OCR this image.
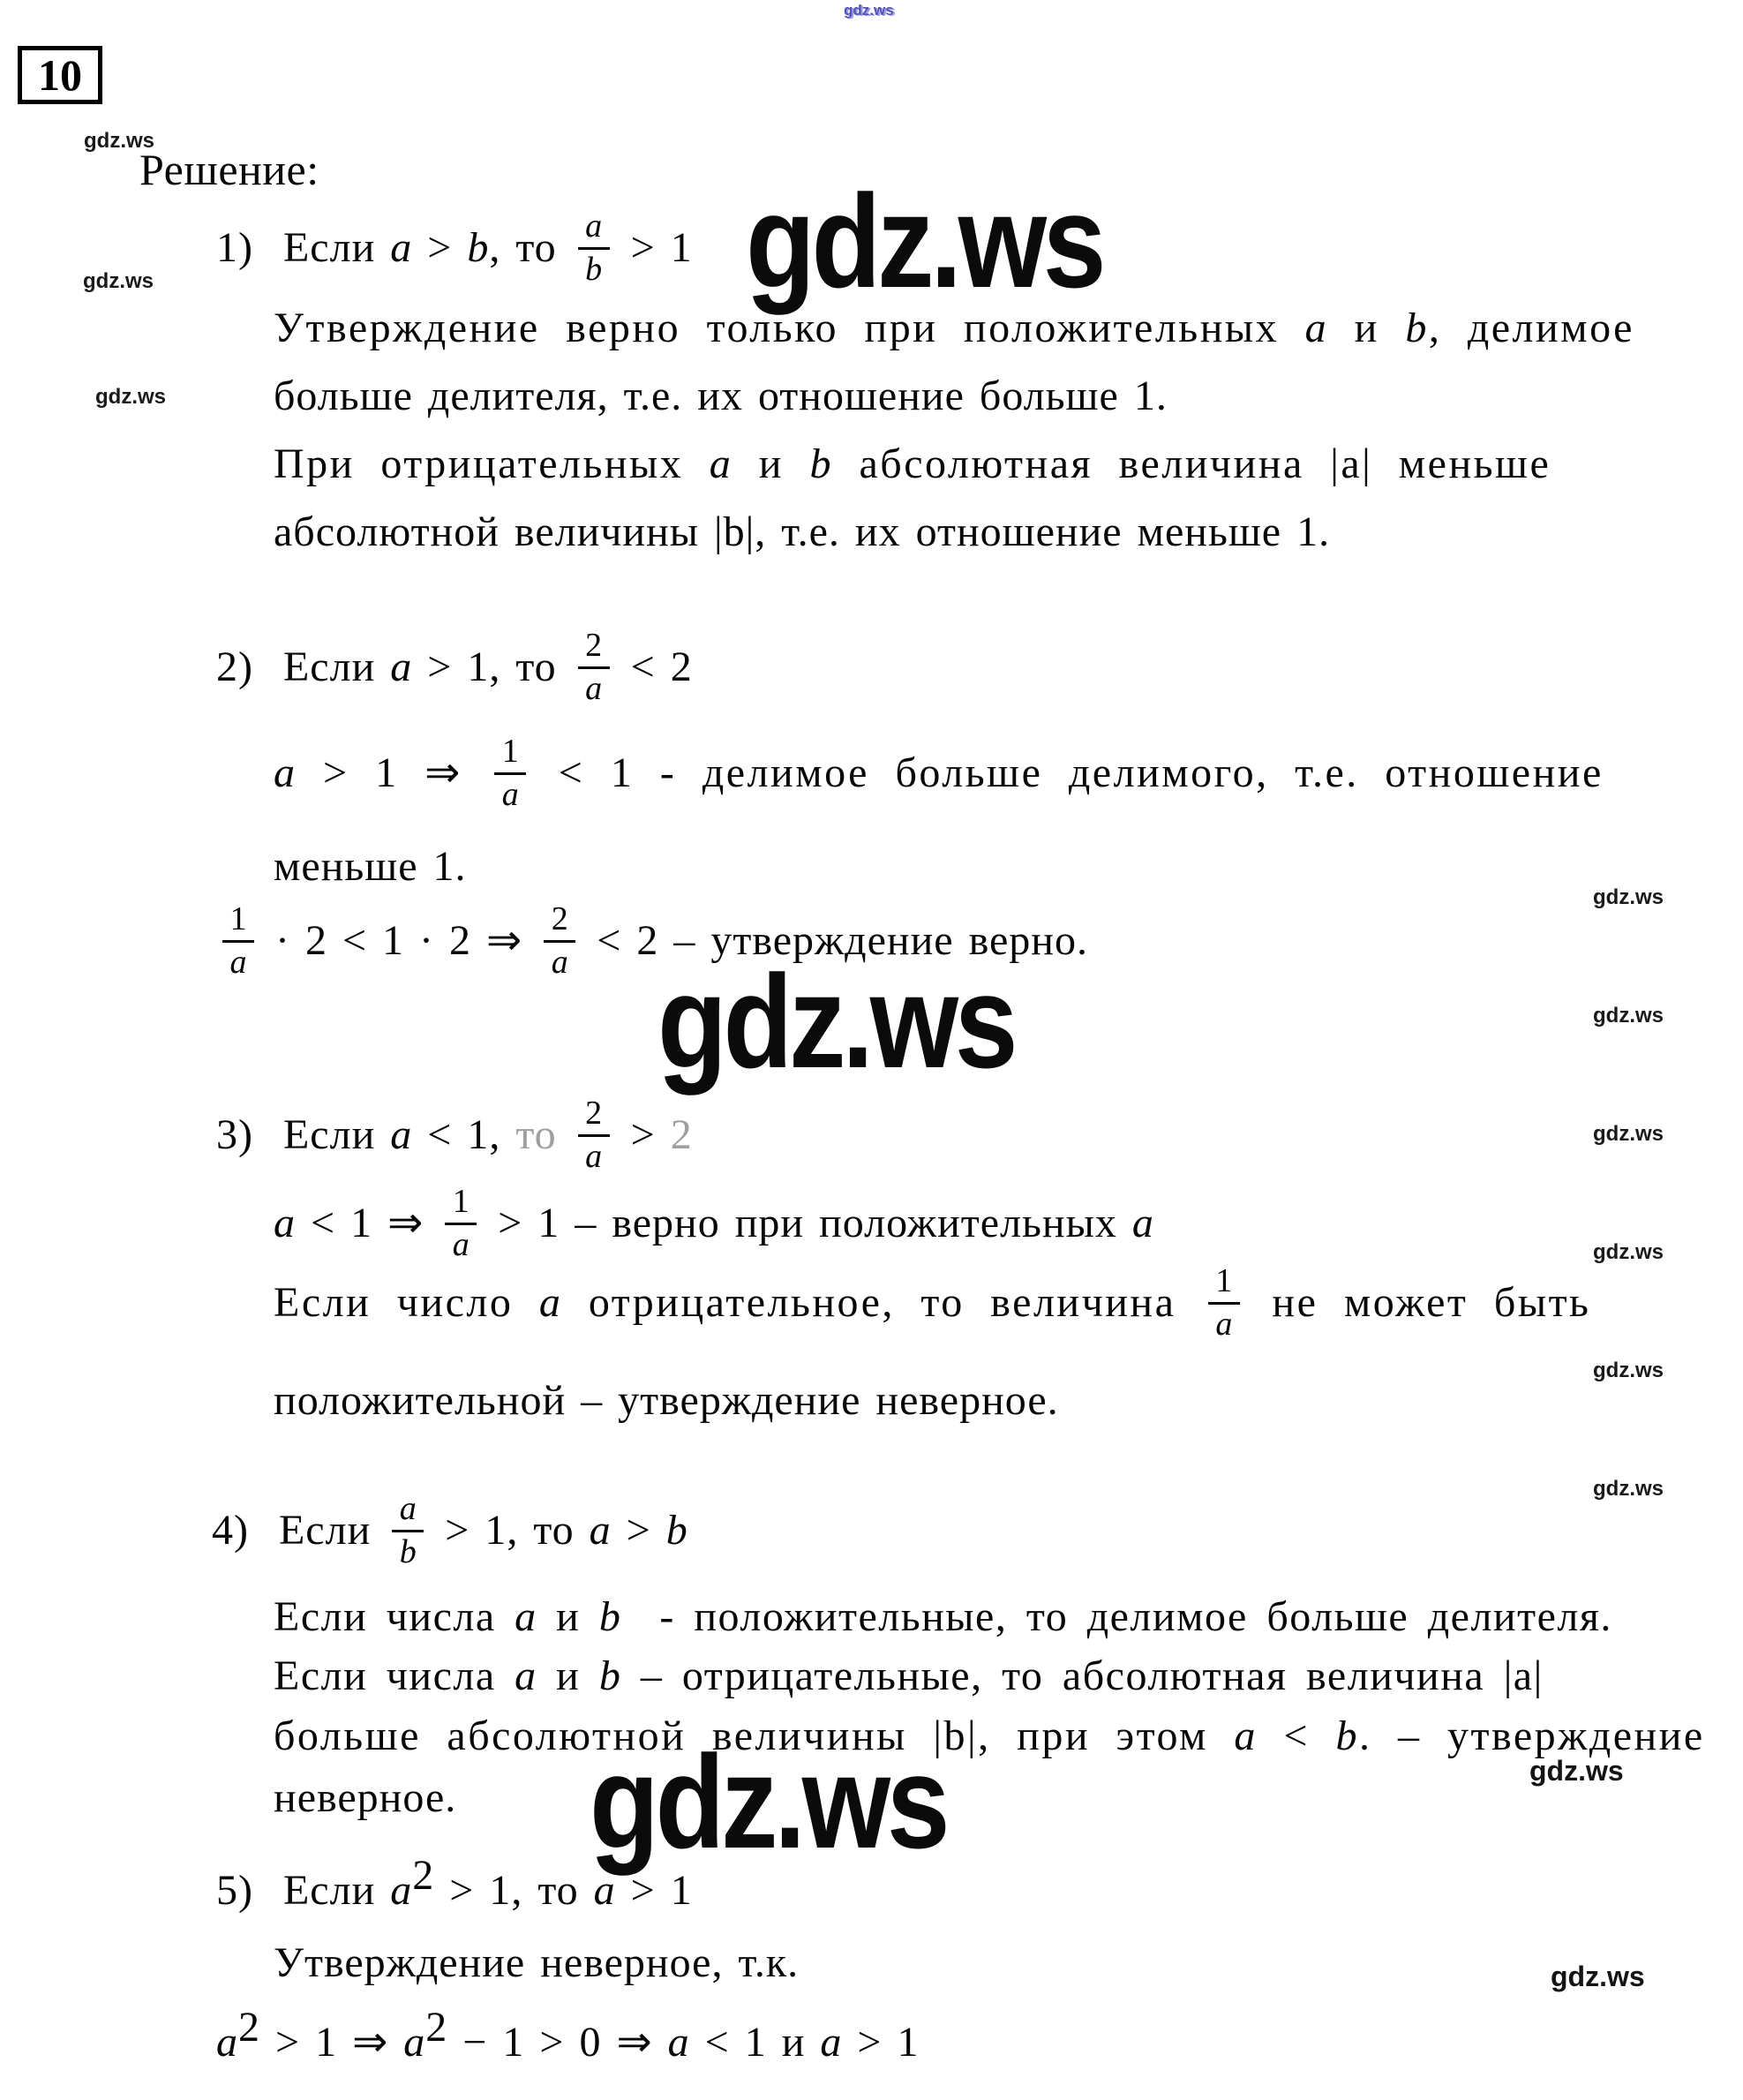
10
Решение:
1) Если a > b , то $\frac{a}{b} > 1$
Утверждение верно только при положительных a и b , делимое
больше делителя, т.е. их отношение больше 1.
При отрицательных a и b абсолютная величина |a| меньше
абсолютной величины |b|, т.е. их отношение меньше 1.
2) Если a > 1, то $\frac{2}{a} < 2$
a > 1 ⇒ $\frac{1}{a} < 1$ - делимое больше делимого, т.е. отношение
меньше 1.
$\frac{1}{a} \cdot 2 < 1 \cdot 2$ ⇒ $\frac{2}{a} < 2$ – утверждение верно.
3) Если a < 1, то $\frac{2}{a} > 2$
a < 1 ⇒ $\frac{1}{a} > 1$ – верно при положительных a
Если число a отрицательное, то величина $\frac{1}{a}$ не может быть
положительной – утверждение неверное.
4) Если $\frac{a}{b} > 1$, то a > b
Если числа a и b - положительные, то делимое больше делителя.
Если числа a и b – отрицательные, то абсолютная величина |a|
больше абсолютной величины |b|, при этом a < b . – утверждение
неверное.
5) Если a 2 > 1, то a > 1
Утверждение неверное, т.к.
a 2 > 1 ⇒ a 2 − 1 > 0 ⇒ a < 1 и a > 1
gdz.ws
gdz.ws
gdz.ws
gdz.ws
gdz.ws
gdz.ws
gdz.ws
gdz.ws
gdz.ws
gdz.ws
gdz.ws
gdz.ws
gdz.ws
gdz.ws
gdz.ws
